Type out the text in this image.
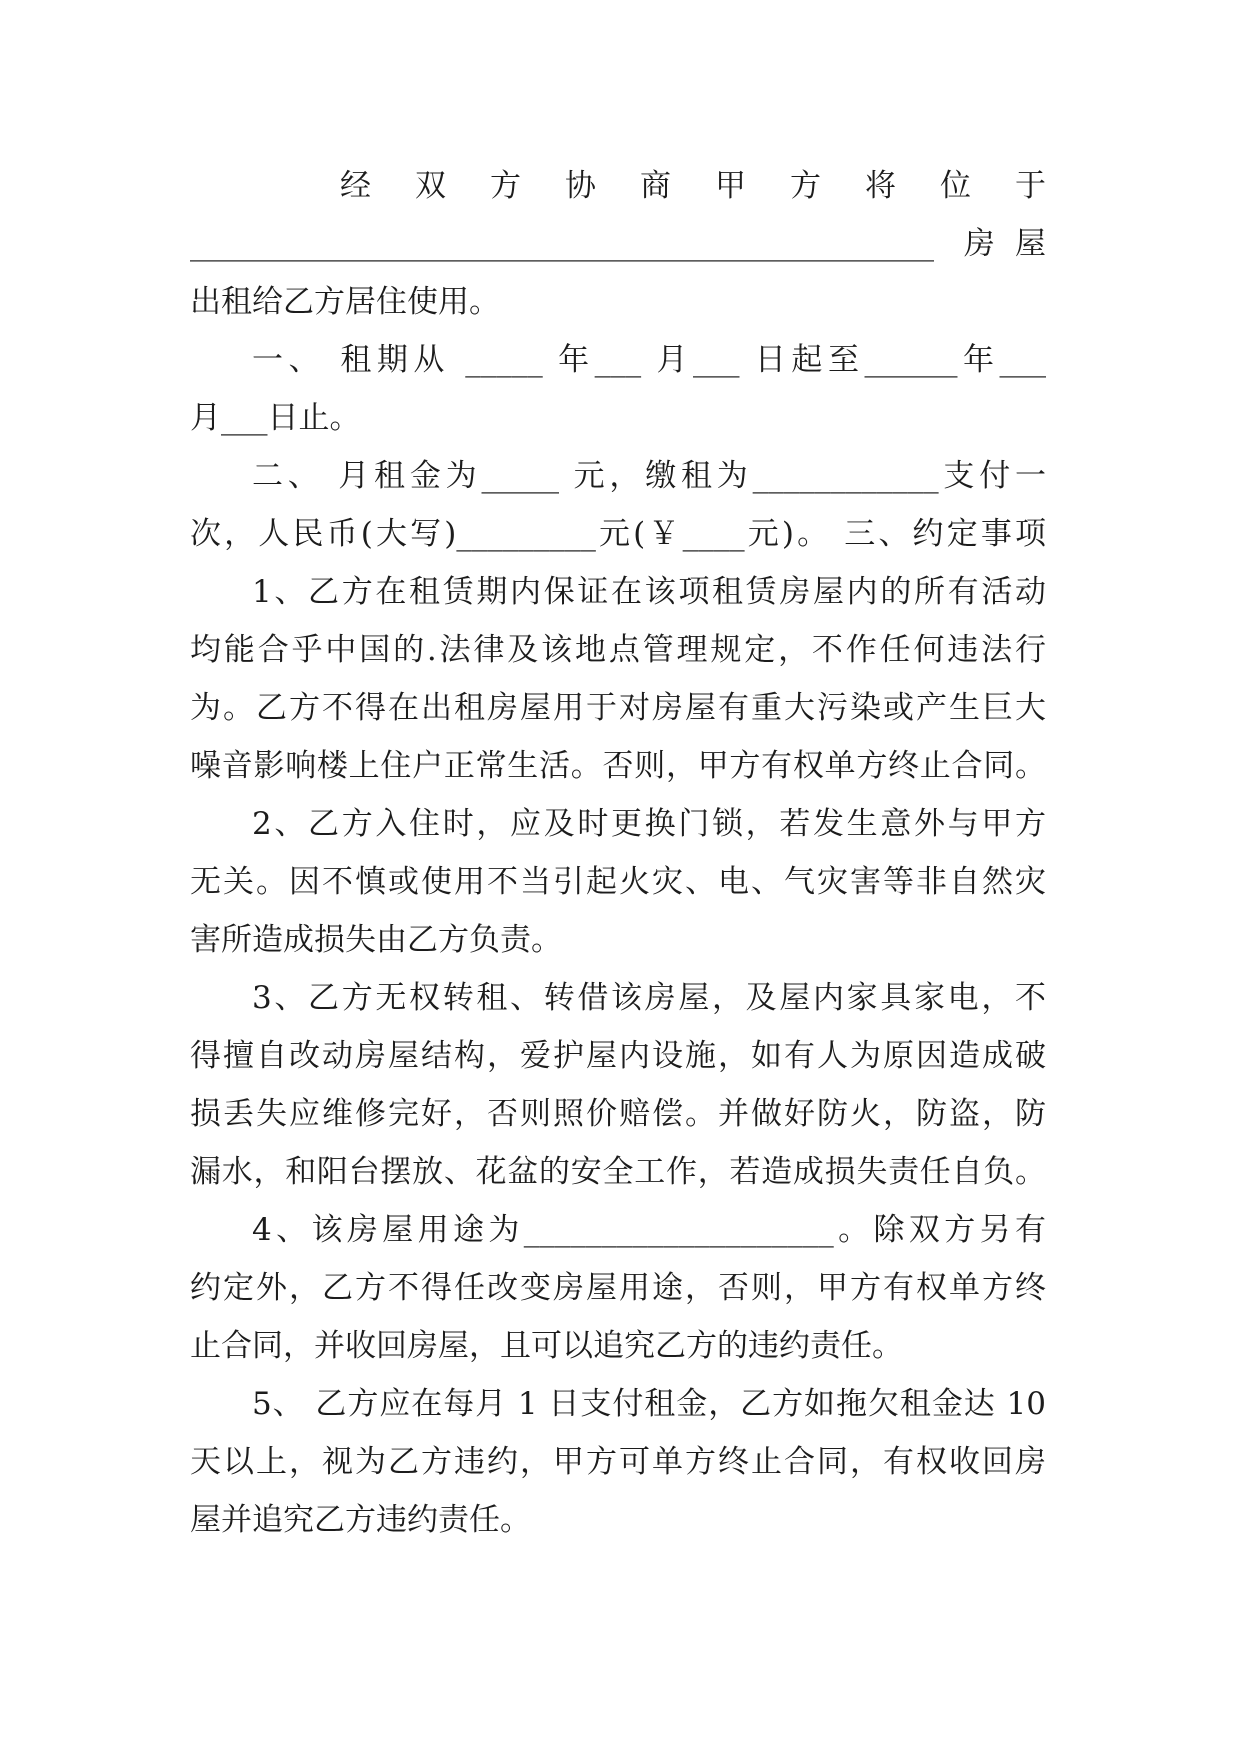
经 双 方 协 商 甲 方 将 位 于
________________________________________________ 房屋
出租给乙方居住使用。
一、 租期从 _____ 年___ 月___ 日起至______年___
月___日止。
二、 月租金为_____ 元，缴租为____________支付一
次，人民币(大写)_________元(￥____元)。 三、约定事项
1、乙方在租赁期内保证在该项租赁房屋内的所有活动
均能合乎中国的.法律及该地点管理规定，不作任何违法行
为。乙方不得在出租房屋用于对房屋有重大污染或产生巨大
噪音影响楼上住户正常生活。否则，甲方有权单方终止合同。
2、乙方入住时，应及时更换门锁，若发生意外与甲方
无关。因不慎或使用不当引起火灾、电、气灾害等非自然灾
害所造成损失由乙方负责。
3、乙方无权转租、转借该房屋，及屋内家具家电，不
得擅自改动房屋结构，爱护屋内设施，如有人为原因造成破
损丢失应维修完好，否则照价赔偿。并做好防火，防盗，防
漏水，和阳台摆放、花盆的安全工作，若造成损失责任自负。
4、该房屋用途为____________________。除双方另有
约定外，乙方不得任改变房屋用途，否则，甲方有权单方终
止合同，并收回房屋，且可以追究乙方的违约责任。
5、 乙方应在每月 1 日支付租金，乙方如拖欠租金达 10
天以上，视为乙方违约，甲方可单方终止合同，有权收回房
屋并追究乙方违约责任。
